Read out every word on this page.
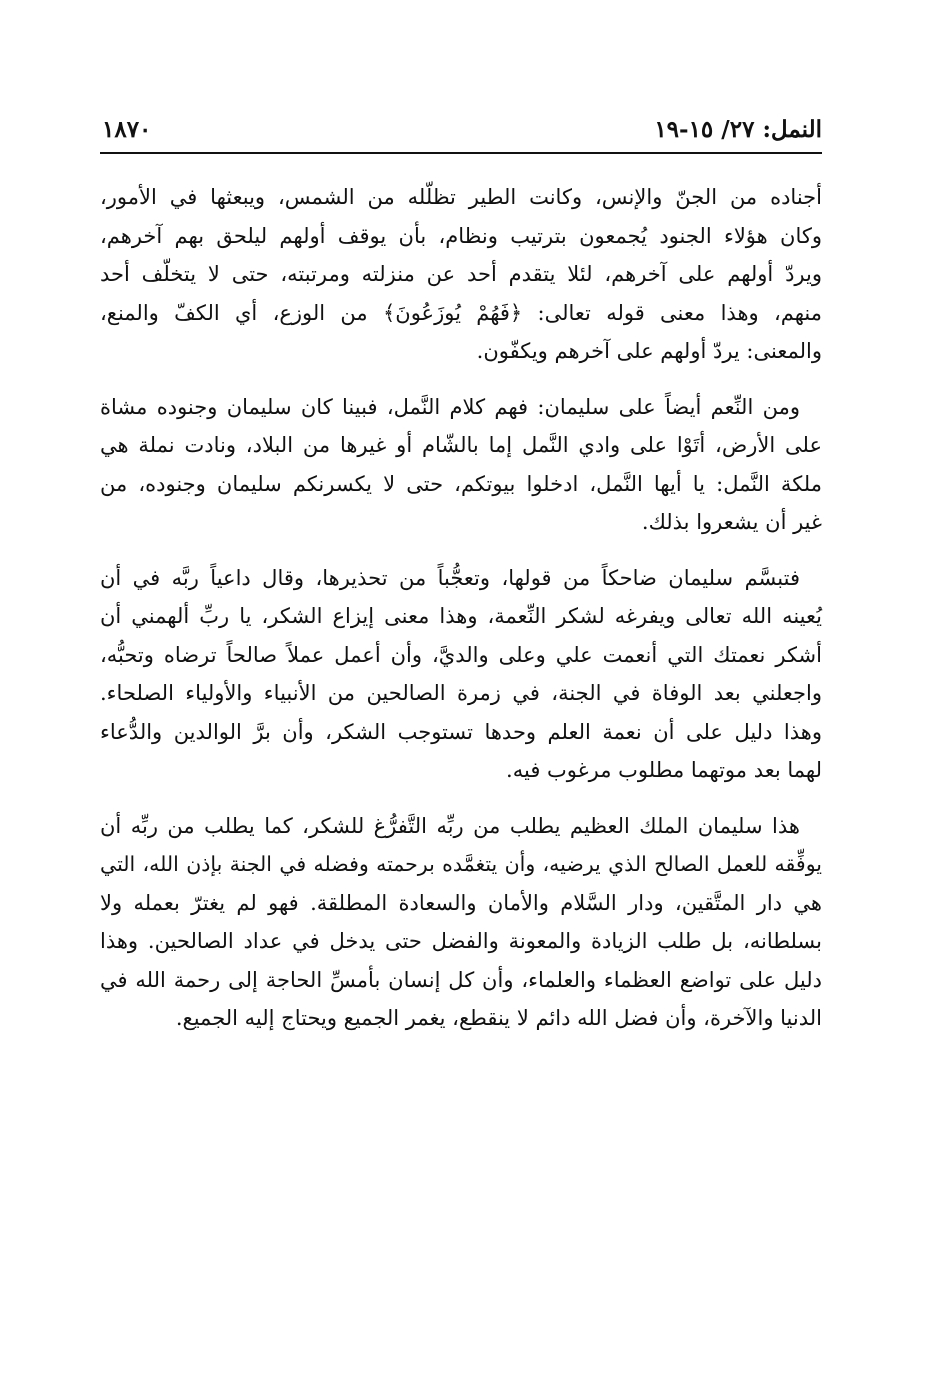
النمل: ٢٧/ ١٥-١٩
١٨٧٠
أجناده من الجنّ والإنس، وكانت الطير تظلّله من الشمس، ويبعثها في الأمور،
وكان هؤلاء الجنود يُجمعون بترتيب ونظام، بأن يوقف أولهم ليلحق بهم آخرهم،
ويردّ أولهم على آخرهم، لئلا يتقدم أحد عن منزلته ومرتبته، حتى لا يتخلّف أحد
منهم، وهذا معنى قوله تعالى: ﴿فَهُمْ يُوزَعُونَ﴾ من الوزع، أي الكفّ والمنع،
والمعنى: يردّ أولهم على آخرهم ويكفّون.
ومن النِّعم أيضاً على سليمان: فهم كلام النَّمل، فبينا كان سليمان وجنوده مشاة
على الأرض، أتَوْا على وادي النَّمل إما بالشّام أو غيرها من البلاد، ونادت نملة هي
ملكة النَّمل: يا أيها النَّمل، ادخلوا بيوتكم، حتى لا يكسرنكم سليمان وجنوده، من
غير أن يشعروا بذلك.
فتبسَّم سليمان ضاحكاً من قولها، وتعجُّباً من تحذيرها، وقال داعياً ربَّه في أن
يُعينه الله تعالى ويفرغه لشكر النِّعمة، وهذا معنى إيزاع الشكر، يا ربِّ ألهمني أن
أشكر نعمتك التي أنعمت علي وعلى والديَّ، وأن أعمل عملاً صالحاً ترضاه وتحبُّه،
واجعلني بعد الوفاة في الجنة، في زمرة الصالحين من الأنبياء والأولياء الصلحاء.
وهذا دليل على أن نعمة العلم وحدها تستوجب الشكر، وأن برَّ الوالدين والدُّعاء
لهما بعد موتهما مطلوب مرغوب فيه.
هذا سليمان الملك العظيم يطلب من ربِّه التَّفرُّغ للشكر، كما يطلب من ربِّه أن
يوفِّقه للعمل الصالح الذي يرضيه، وأن يتغمَّده برحمته وفضله في الجنة بإذن الله، التي
هي دار المتَّقين، ودار السَّلام والأمان والسعادة المطلقة. فهو لم يغترّ بعمله ولا
بسلطانه، بل طلب الزيادة والمعونة والفضل حتى يدخل في عداد الصالحين. وهذا
دليل على تواضع العظماء والعلماء، وأن كل إنسان بأمسِّ الحاجة إلى رحمة الله في
الدنيا والآخرة، وأن فضل الله دائم لا ينقطع، يغمر الجميع ويحتاج إليه الجميع.
